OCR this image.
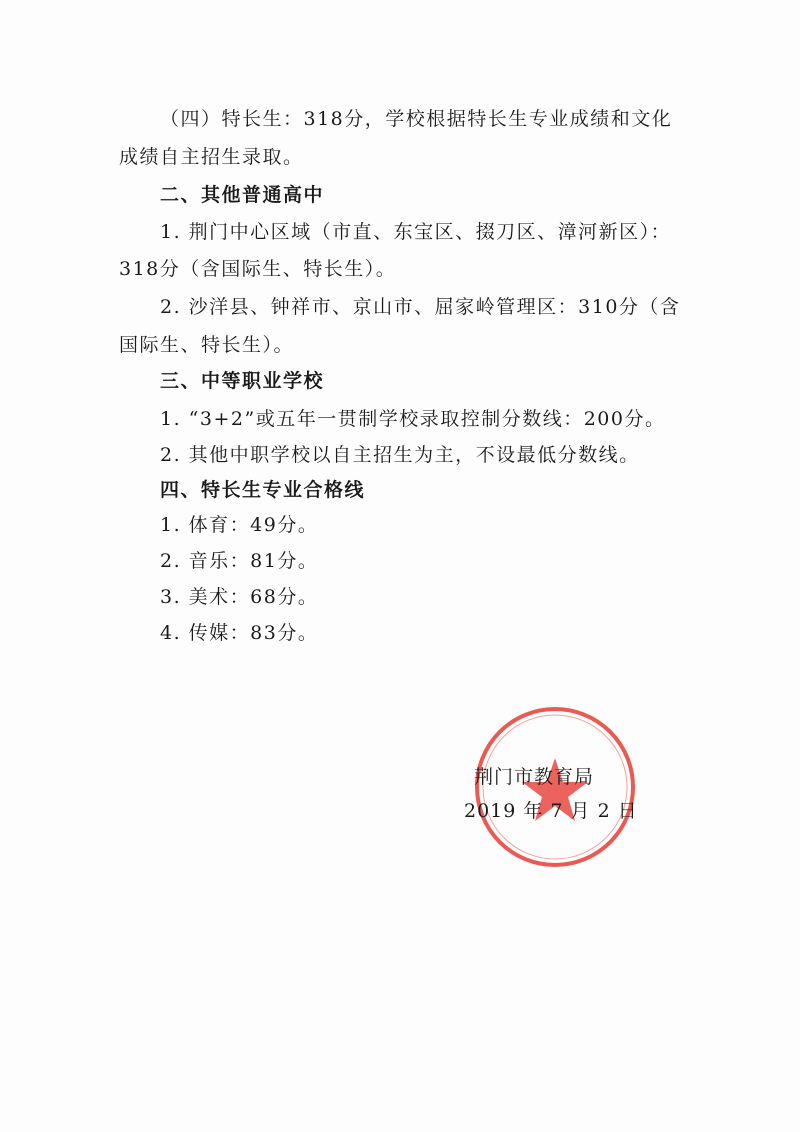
（四）特长生：318分，学校根据特长生专业成绩和文化
成绩自主招生录取。
二、其他普通高中
1. 荆门中心区域（市直、东宝区、掇刀区、漳河新区）：
318分（含国际生、特长生）。
2. 沙洋县、钟祥市、京山市、屈家岭管理区：310分（含
国际生、特长生）。
三、中等职业学校
1. “3+2”或五年一贯制学校录取控制分数线：200分。
2. 其他中职学校以自主招生为主，不设最低分数线。
四、特长生专业合格线
1. 体育：49分。
2. 音乐：81分。
3. 美术：68分。
4. 传媒：83分。
荆门市教育局
2019 年 7 月 2 日
